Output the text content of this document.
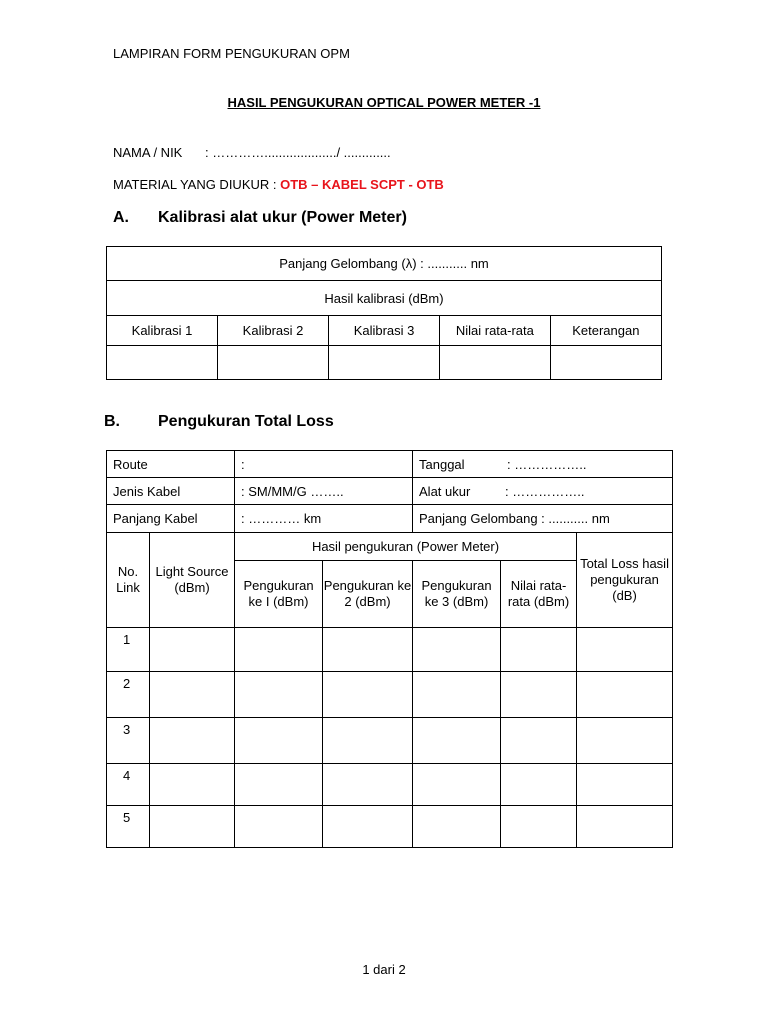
LAMPIRAN FORM PENGUKURAN OPM
HASIL PENGUKURAN OPTICAL POWER METER -1
NAMA / NIK : …………..................../ .............
MATERIAL YANG DIUKUR : OTB – KABEL SCPT - OTB
A. Kalibrasi alat ukur (Power Meter)
Panjang Gelombang (λ) : ........... nm				
Hasil kalibrasi (dBm)				
Kalibrasi 1	Kalibrasi 2	Kalibrasi 3	Nilai rata-rata	Keterangan

B. Pengukuran Total Loss
Route		:		Tanggal : ……………..		
Jenis Kabel		: SM/MM/G ……..		Alat ukur : ……………..		
Panjang Kabel		: ………… km		Panjang Gelombang : ........... nm		
No. Link	Light Source (dBm)	Hasil pengukuran (Power Meter)				Total Loss hasil pengukuran (dB)
		Pengukuran ke I (dBm)	Pengukuran ke 2 (dBm)	Pengukuran ke 3 (dBm)	Nilai rata-rata (dBm)	
1						
2						
3						
4						
5						
1 dari 2
